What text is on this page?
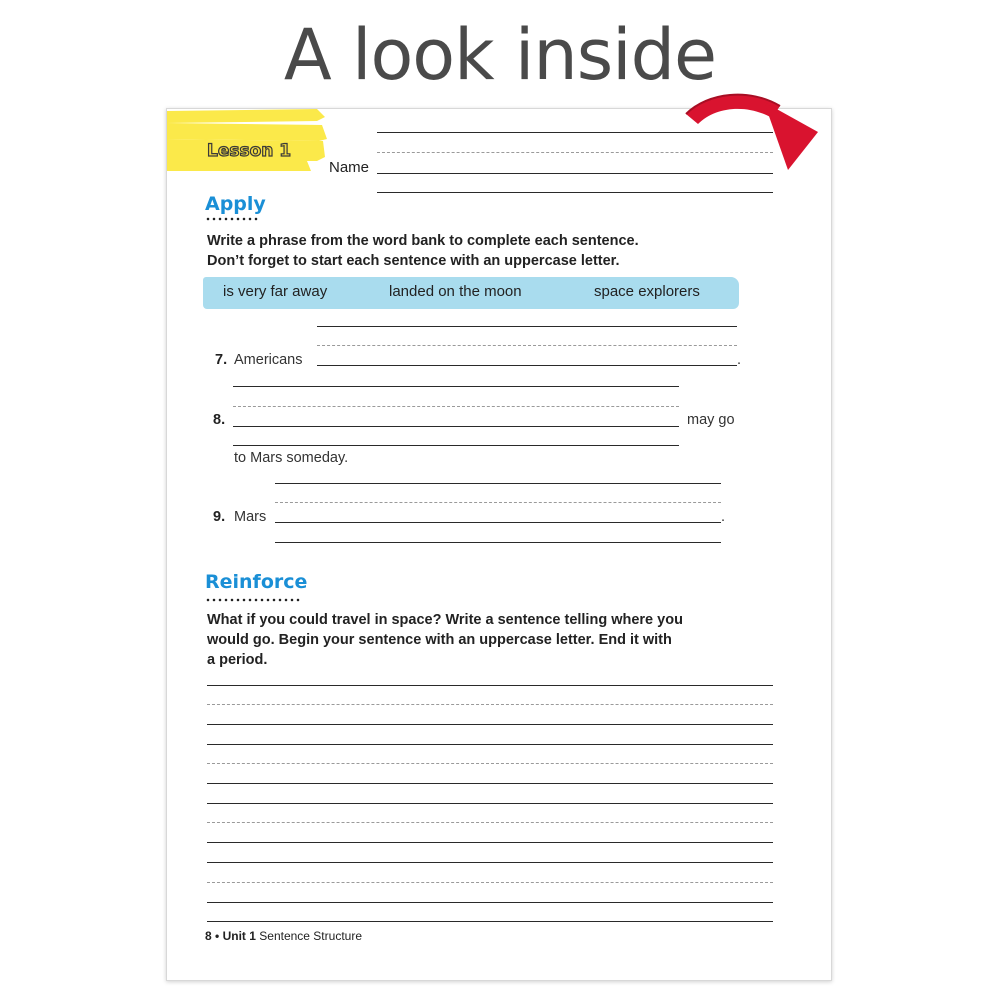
A look inside
Lesson 1
Name
Apply
Write a phrase from the word bank to complete each sentence.
Don’t forget to start each sentence with an uppercase letter.
is very far away	landed on the moon	space explorers
7. Americans	.
8.	may go
to Mars someday.
9. Mars	.
Reinforce
What if you could travel in space? Write a sentence telling where you
would go. Begin your sentence with an uppercase letter. End it with
a period.
8 • Unit 1 Sentence Structure
